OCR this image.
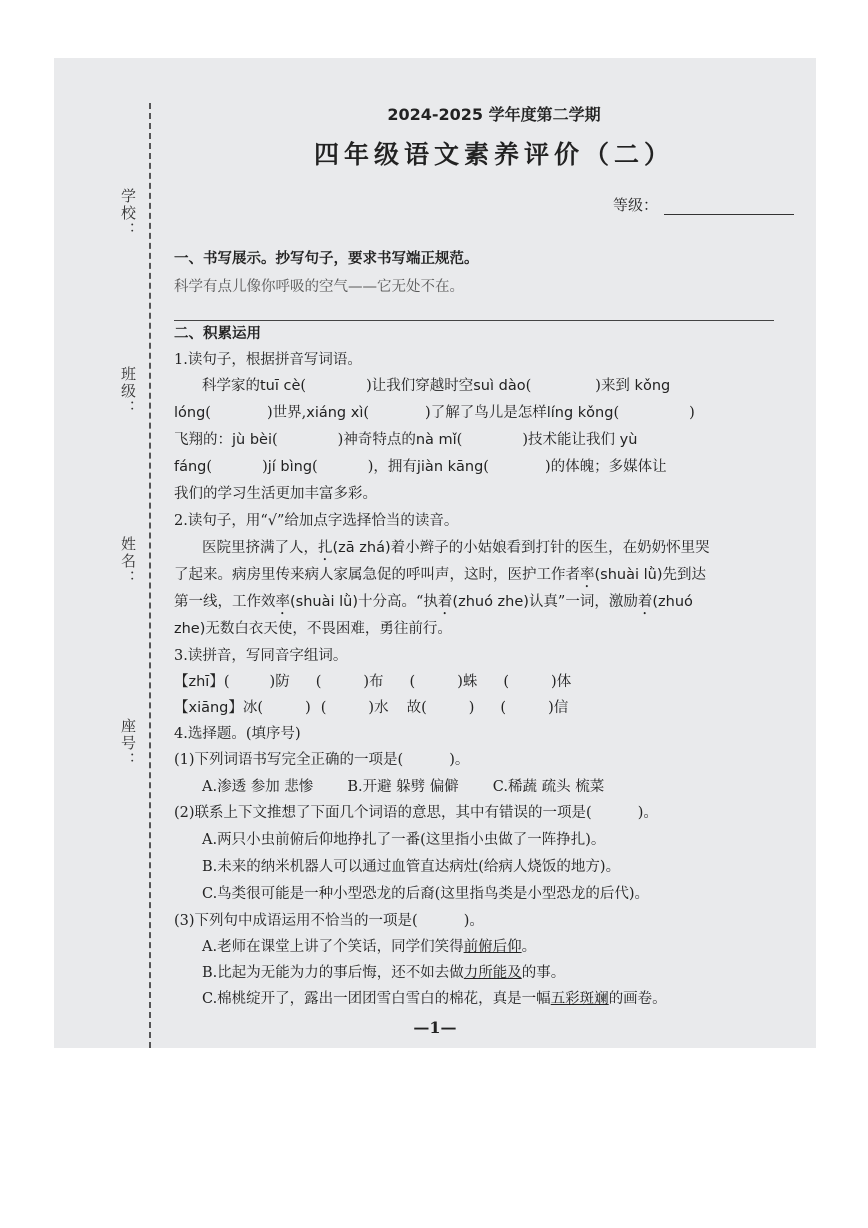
学校：
班级：
姓名：
座号：
2024-2025 学年度第二学期
四年级语文素养评价（二）
等级：
一、书写展示。抄写句子，要求书写端正规范。
科学有点儿像你呼吸的空气——它无处不在。
二、积累运用
1.读句子，根据拼音写词语。
科学家的tuī cè(	)让我们穿越时空suì dào(	)来到 kǒng
lóng(	)世界,xiáng xì(	)了解了鸟儿是怎样líng kǒng(	)
飞翔的：jù bèi(	)神奇特点的nà mǐ(	)技术能让我们 yù
fáng(	)jí bìng(	)，拥有jiàn kāng(	)的体魄；多媒体让
我们的学习生活更加丰富多彩。
2.读句子，用“√”给加点字选择恰当的读音。
医院里挤满了人，扎(zā zhá)着小辫子的小姑娘看到打针的医生，在奶奶怀里哭
了起来。病房里传来病人家属急促的呼叫声，这时，医护工作者率(shuài lǜ)先到达
第一线，工作效率(shuài lǜ)十分高。“执着(zhuó zhe)认真”一词，激励着(zhuó
zhe)无数白衣天使，不畏困难，勇往前行。
3.读拼音，写同音字组词。
【zhī】(	)防 (	)布 (	)蛛 (	)体
【xiāng】冰(	) (	)水 故(	) (	)信
4.选择题。(填序号)
(1)下列词语书写完全正确的一项是(	)。
A.渗透 参加 悲惨 B.开避 躲劈 偏僻 C.稀蔬 疏头 梳菜
(2)联系上下文推想了下面几个词语的意思，其中有错误的一项是(	)。
A.两只小虫前俯后仰地挣扎了一番(这里指小虫做了一阵挣扎)。
B.未来的纳米机器人可以通过血管直达病灶(给病人烧饭的地方)。
C.鸟类很可能是一种小型恐龙的后裔(这里指鸟类是小型恐龙的后代)。
(3)下列句中成语运用不恰当的一项是(	)。
A.老师在课堂上讲了个笑话，同学们笑得前俯后仰。
B.比起为无能为力的事后悔，还不如去做力所能及的事。
C.棉桃绽开了，露出一团团雪白雪白的棉花，真是一幅五彩斑斓的画卷。
—1—
